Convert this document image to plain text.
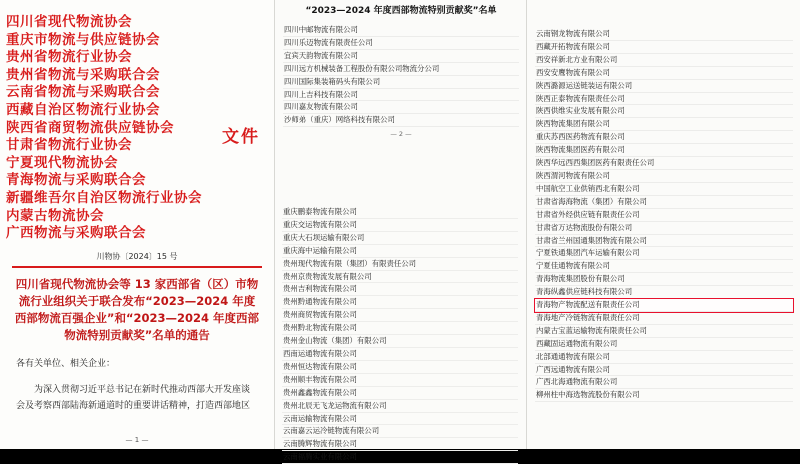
四川省现代物流协会
重庆市物流与供应链协会
贵州省物流行业协会
贵州省物流与采购联合会
云南省物流与采购联合会
西藏自治区物流行业协会
陕西省商贸物流供应链协会
甘肃省物流行业协会
宁夏现代物流协会
青海物流与采购联合会
新疆维吾尔自治区物流行业协会
内蒙古物流协会
广西物流与采购联合会
文件
川物协〔2024〕15 号
四川省现代物流协会等 13 家西部省（区）市物流行业组织关于联合发布“2023—2024 年度西部物流百强企业”和“2023—2024 年度西部物流特别贡献奖”名单的通告

各有关单位、相关企业：

为深入贯彻习近平总书记在新时代推动西部大开发座谈会及考察西部陆海新通道时的重要讲话精神，打造西部地区

— 1 —
“2023—2024 年度西部物流特别贡献奖”名单
四川中邮物流有限公司
四川乐迈物流有限责任公司
宜宾天韵物流有限公司
四川远方机械装备工程股份有限公司物流分公司
四川国际集装箱码头有限公司
四川上吉科技有限公司
四川嘉友物流有限公司
沙师弟（重庆）网络科技有限公司
— 2 —
重庆鹏泰物流有限公司
重庆交运物流有限公司
重庆大石坝运输有限公司
重庆海中运输有限公司
贵州现代物流有限（集团）有限责任公司
贵州京贵物流发展有限公司
贵州吉利物流有限公司
贵州黔通物流有限公司
贵州商贸物流有限公司
贵州黔北物流有限公司
贵州金山物流（集团）有限公司
西南运通物流有限公司
贵州恒达物流有限公司
贵州顺丰物流有限公司
贵州鑫鑫物流有限公司
贵州北辰无飞龙运物流有限公司
云南运输物流有限公司
云南嘉云运冷链物流有限公司
云南腾辉物流有限公司
云南福腾实业有限公司
云南钢龙物流有限公司
西藏开拓物流有限公司
西安祥新北方业有限公司
西安安鹰物流有限公司
陕西潞源运送链装运有限公司
陕西正泰物流有限责任公司
陕西供维实业发展有限公司
陕西物流集团有限公司
重庆苏西医药物流有限公司
陕西物流集团医药有限公司
陕西华远西西集团医药有限责任公司
陕西渭河物流有限公司
中国航空工业供销西北有限公司
甘肃省海海物流（集团）有限公司
甘肃省外经供应链有限责任公司
甘肃省万达物流股份有限公司
甘肃省兰州国通集团物流有限公司
宁夏铁通集团汽车运输有限公司
宁夏佳通物流有限公司
青海物流集团股份有限公司
青海纵鑫供应链科技有限公司
青海物产物流配送有限责任公司
青海地产冷链物流有限责任公司
内蒙古宝蓝运输物流有限责任公司
西藏固运通物流有限公司
北部通通物流有限公司
广西远通物流有限公司
广西北海通物流有限公司
柳州柱中海选物流股份有限公司
